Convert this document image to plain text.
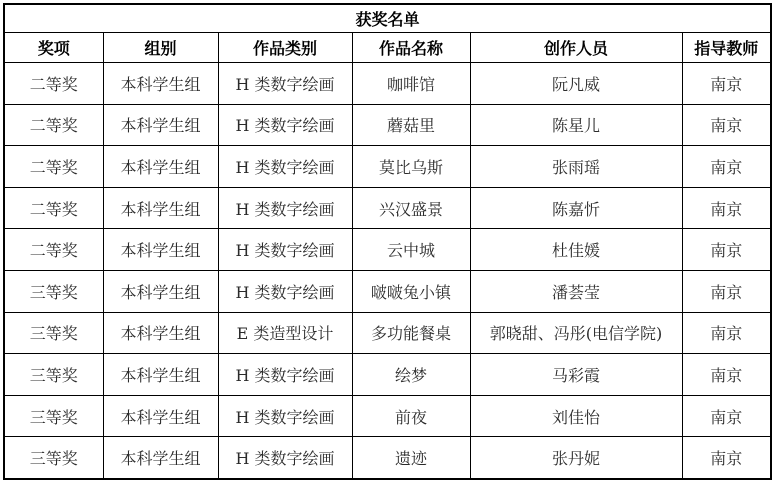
获奖名单					
奖项	组别	作品类别	作品名称	创作人员	指导教师
二等奖	本科学生组	H 类数字绘画	咖啡馆	阮凡威	南京
二等奖	本科学生组	H 类数字绘画	蘑菇里	陈星儿	南京
二等奖	本科学生组	H 类数字绘画	莫比乌斯	张雨瑶	南京
二等奖	本科学生组	H 类数字绘画	兴汉盛景	陈嘉忻	南京
二等奖	本科学生组	H 类数字绘画	云中城	杜佳媛	南京
三等奖	本科学生组	H 类数字绘画	啵啵兔小镇	潘荟莹	南京
三等奖	本科学生组	E 类造型设计	多功能餐桌	郭晓甜、冯彤(电信学院)	南京
三等奖	本科学生组	H 类数字绘画	绘梦	马彩霞	南京
三等奖	本科学生组	H 类数字绘画	前夜	刘佳怡	南京
三等奖	本科学生组	H 类数字绘画	遗迹	张丹妮	南京
